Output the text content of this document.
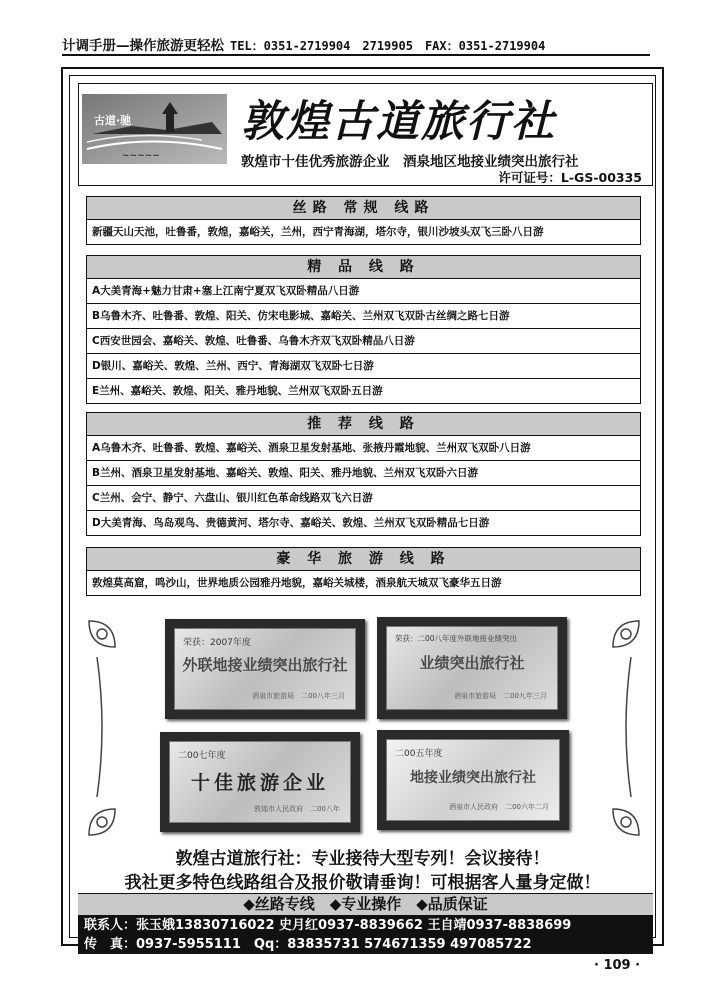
计调手册—操作旅游更轻松 TEL：0351-2719904　2719905　FAX：0351-2719904
古道·驰
~~~~~
敦煌古道旅行社
敦煌市十佳优秀旅游企业　酒泉地区地接业绩突出旅行社
许可证号：L-GS-00335
丝路 常规 线路
新疆天山天池，吐鲁番，敦煌，嘉峪关，兰州，西宁青海湖，塔尔寺，银川沙坡头双飞三卧八日游
精 品 线 路
A大美青海+魅力甘肃+塞上江南宁夏双飞双卧精品八日游
B乌鲁木齐、吐鲁番、敦煌、阳关、仿宋电影城、嘉峪关、兰州双飞双卧古丝绸之路七日游
C西安世园会、嘉峪关、敦煌、吐鲁番、乌鲁木齐双飞双卧精品八日游
D银川、嘉峪关、敦煌、兰州、西宁、青海湖双飞双卧七日游
E兰州、嘉峪关、敦煌、阳关、雅丹地貌、兰州双飞双卧五日游
推 荐 线 路
A乌鲁木齐、吐鲁番、敦煌、嘉峪关、酒泉卫星发射基地、张掖丹霞地貌、兰州双飞双卧八日游
B兰州、酒泉卫星发射基地、嘉峪关、敦煌、阳关、雅丹地貌、兰州双飞双卧六日游
C兰州、会宁、静宁、六盘山、银川红色革命线路双飞六日游
D大美青海、鸟岛观鸟、贵德黄河、塔尔寺、嘉峪关、敦煌、兰州双飞双卧精品七日游
豪 华 旅 游 线 路
敦煌莫高窟，鸣沙山，世界地质公园雅丹地貌，嘉峪关城楼，酒泉航天城双飞豪华五日游
荣获：2007年度
外联地接业绩突出旅行社
酒泉市旅游局　二00八年三月
荣获：二00八年度外联地接业绩突出
业绩突出旅行社
酒泉市旅游局　二00九年三月
二00七年度
十佳旅游企业
敦煌市人民政府　二00八年
二00五年度
地接业绩突出旅行社
酒泉市人民政府　二00六年二月
敦煌古道旅行社：专业接待大型专列！会议接待！
我社更多特色线路组合及报价敬请垂询！可根据客人量身定做！
◆丝路专线　◆专业操作　◆品质保证
联系人：张玉娥13830716022 史月红0937-8839662 王自靖0937-8838699
传　真：0937-5955111　Qq：83835731 574671359 497085722
· 109 ·
